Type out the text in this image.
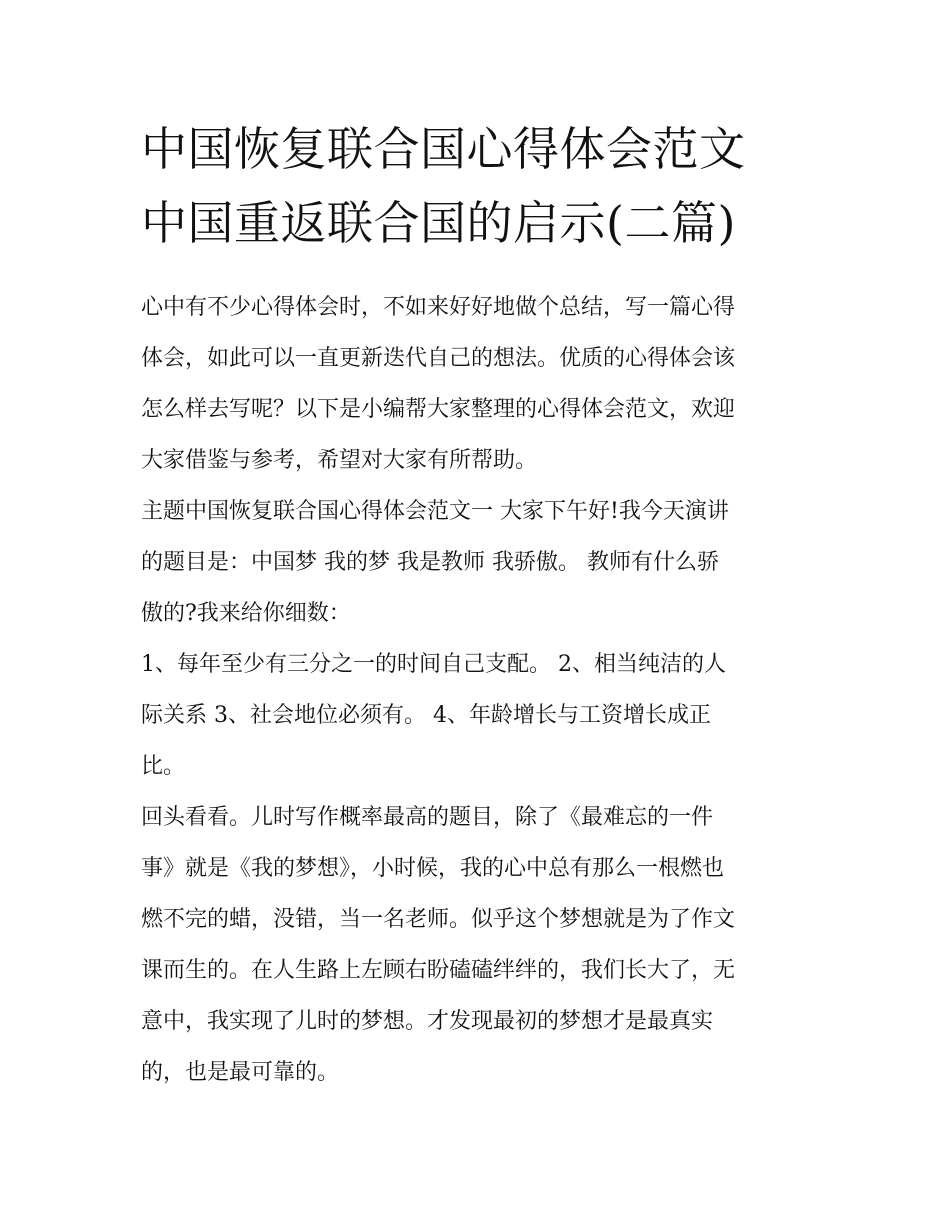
中国恢复联合国心得体会范文
中国重返联合国的启示(二篇)

心中有不少心得体会时，不如来好好地做个总结，写一篇心得
体会，如此可以一直更新迭代自己的想法。优质的心得体会该
怎么样去写呢？以下是小编帮大家整理的心得体会范文，欢迎
大家借鉴与参考，希望对大家有所帮助。

主题中国恢复联合国心得体会范文一 大家下午好!我今天演讲
的题目是：中国梦 我的梦 我是教师 我骄傲。 教师有什么骄
傲的?我来给你细数：

1、每年至少有三分之一的时间自己支配。 2、相当纯洁的人
际关系 3、社会地位必须有。 4、年龄增长与工资增长成正
比。

回头看看。儿时写作概率最高的题目，除了《最难忘的一件
事》就是《我的梦想》，小时候，我的心中总有那么一根燃也
燃不完的蜡，没错，当一名老师。似乎这个梦想就是为了作文
课而生的。在人生路上左顾右盼磕磕绊绊的，我们长大了，无
意中，我实现了儿时的梦想。才发现最初的梦想才是最真实
的，也是最可靠的。
